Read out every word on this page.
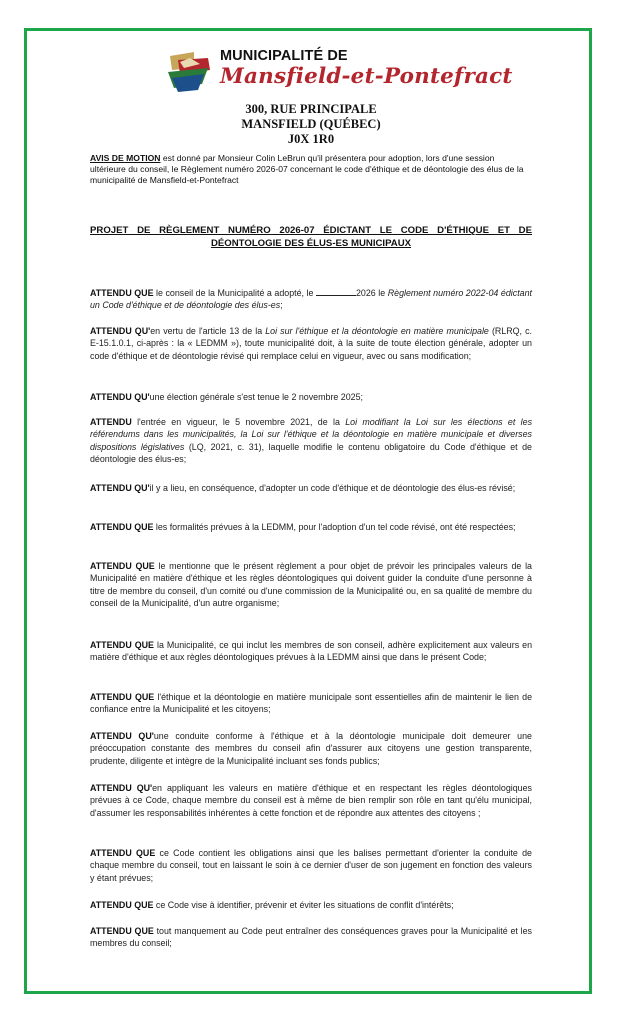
MUNICIPALITÉ DE
Mansfield-et-Pontefract
300, RUE PRINCIPALE
MANSFIELD (QUÉBEC)
J0X 1R0
AVIS DE MOTION est donné par Monsieur Colin LeBrun qu'il présentera pour adoption, lors d'une session ultérieure du conseil, le Règlement numéro 2026-07 concernant le code d'éthique et de déontologie des élus de la municipalité de Mansfield-et-Pontefract
PROJET DE RÈGLEMENT NUMÉRO 2026-07 ÉDICTANT LE CODE D'ÉTHIQUE ET DE DÉONTOLOGIE DES ÉLUS-ES MUNICIPAUX
ATTENDU QUE le conseil de la Municipalité a adopté, le	2026 le Règlement numéro 2022-04 édictant un Code d'éthique et de déontologie des élus-es;
ATTENDU QU'en vertu de l'article 13 de la Loi sur l'éthique et la déontologie en matière municipale (RLRQ, c. E-15.1.0.1, ci-après : la « LEDMM »), toute municipalité doit, à la suite de toute élection générale, adopter un code d'éthique et de déontologie révisé qui remplace celui en vigueur, avec ou sans modification;
ATTENDU QU'une élection générale s'est tenue le 2 novembre 2025;
ATTENDU l'entrée en vigueur, le 5 novembre 2021, de la Loi modifiant la Loi sur les élections et les référendums dans les municipalités, la Loi sur l'éthique et la déontologie en matière municipale et diverses dispositions législatives (LQ, 2021, c. 31), laquelle modifie le contenu obligatoire du Code d'éthique et de déontologie des élus-es;
ATTENDU QU'il y a lieu, en conséquence, d'adopter un code d'éthique et de déontologie des élus-es révisé;
ATTENDU QUE les formalités prévues à la LEDMM, pour l'adoption d'un tel code révisé, ont été respectées;
ATTENDU QUE le mentionne que le présent règlement a pour objet de prévoir les principales valeurs de la Municipalité en matière d'éthique et les règles déontologiques qui doivent guider la conduite d'une personne à titre de membre du conseil, d'un comité ou d'une commission de la Municipalité ou, en sa qualité de membre du conseil de la Municipalité, d'un autre organisme;
ATTENDU QUE la Municipalité, ce qui inclut les membres de son conseil, adhère explicitement aux valeurs en matière d'éthique et aux règles déontologiques prévues à la LEDMM ainsi que dans le présent Code;
ATTENDU QUE l'éthique et la déontologie en matière municipale sont essentielles afin de maintenir le lien de confiance entre la Municipalité et les citoyens;
ATTENDU QU'une conduite conforme à l'éthique et à la déontologie municipale doit demeurer une préoccupation constante des membres du conseil afin d'assurer aux citoyens une gestion transparente, prudente, diligente et intègre de la Municipalité incluant ses fonds publics;
ATTENDU QU'en appliquant les valeurs en matière d'éthique et en respectant les règles déontologiques prévues à ce Code, chaque membre du conseil est à même de bien remplir son rôle en tant qu'élu municipal, d'assumer les responsabilités inhérentes à cette fonction et de répondre aux attentes des citoyens ;
ATTENDU QUE ce Code contient les obligations ainsi que les balises permettant d'orienter la conduite de chaque membre du conseil, tout en laissant le soin à ce dernier d'user de son jugement en fonction des valeurs y étant prévues;
ATTENDU QUE ce Code vise à identifier, prévenir et éviter les situations de conflit d'intérêts;
ATTENDU QUE tout manquement au Code peut entraîner des conséquences graves pour la Municipalité et les membres du conseil;
